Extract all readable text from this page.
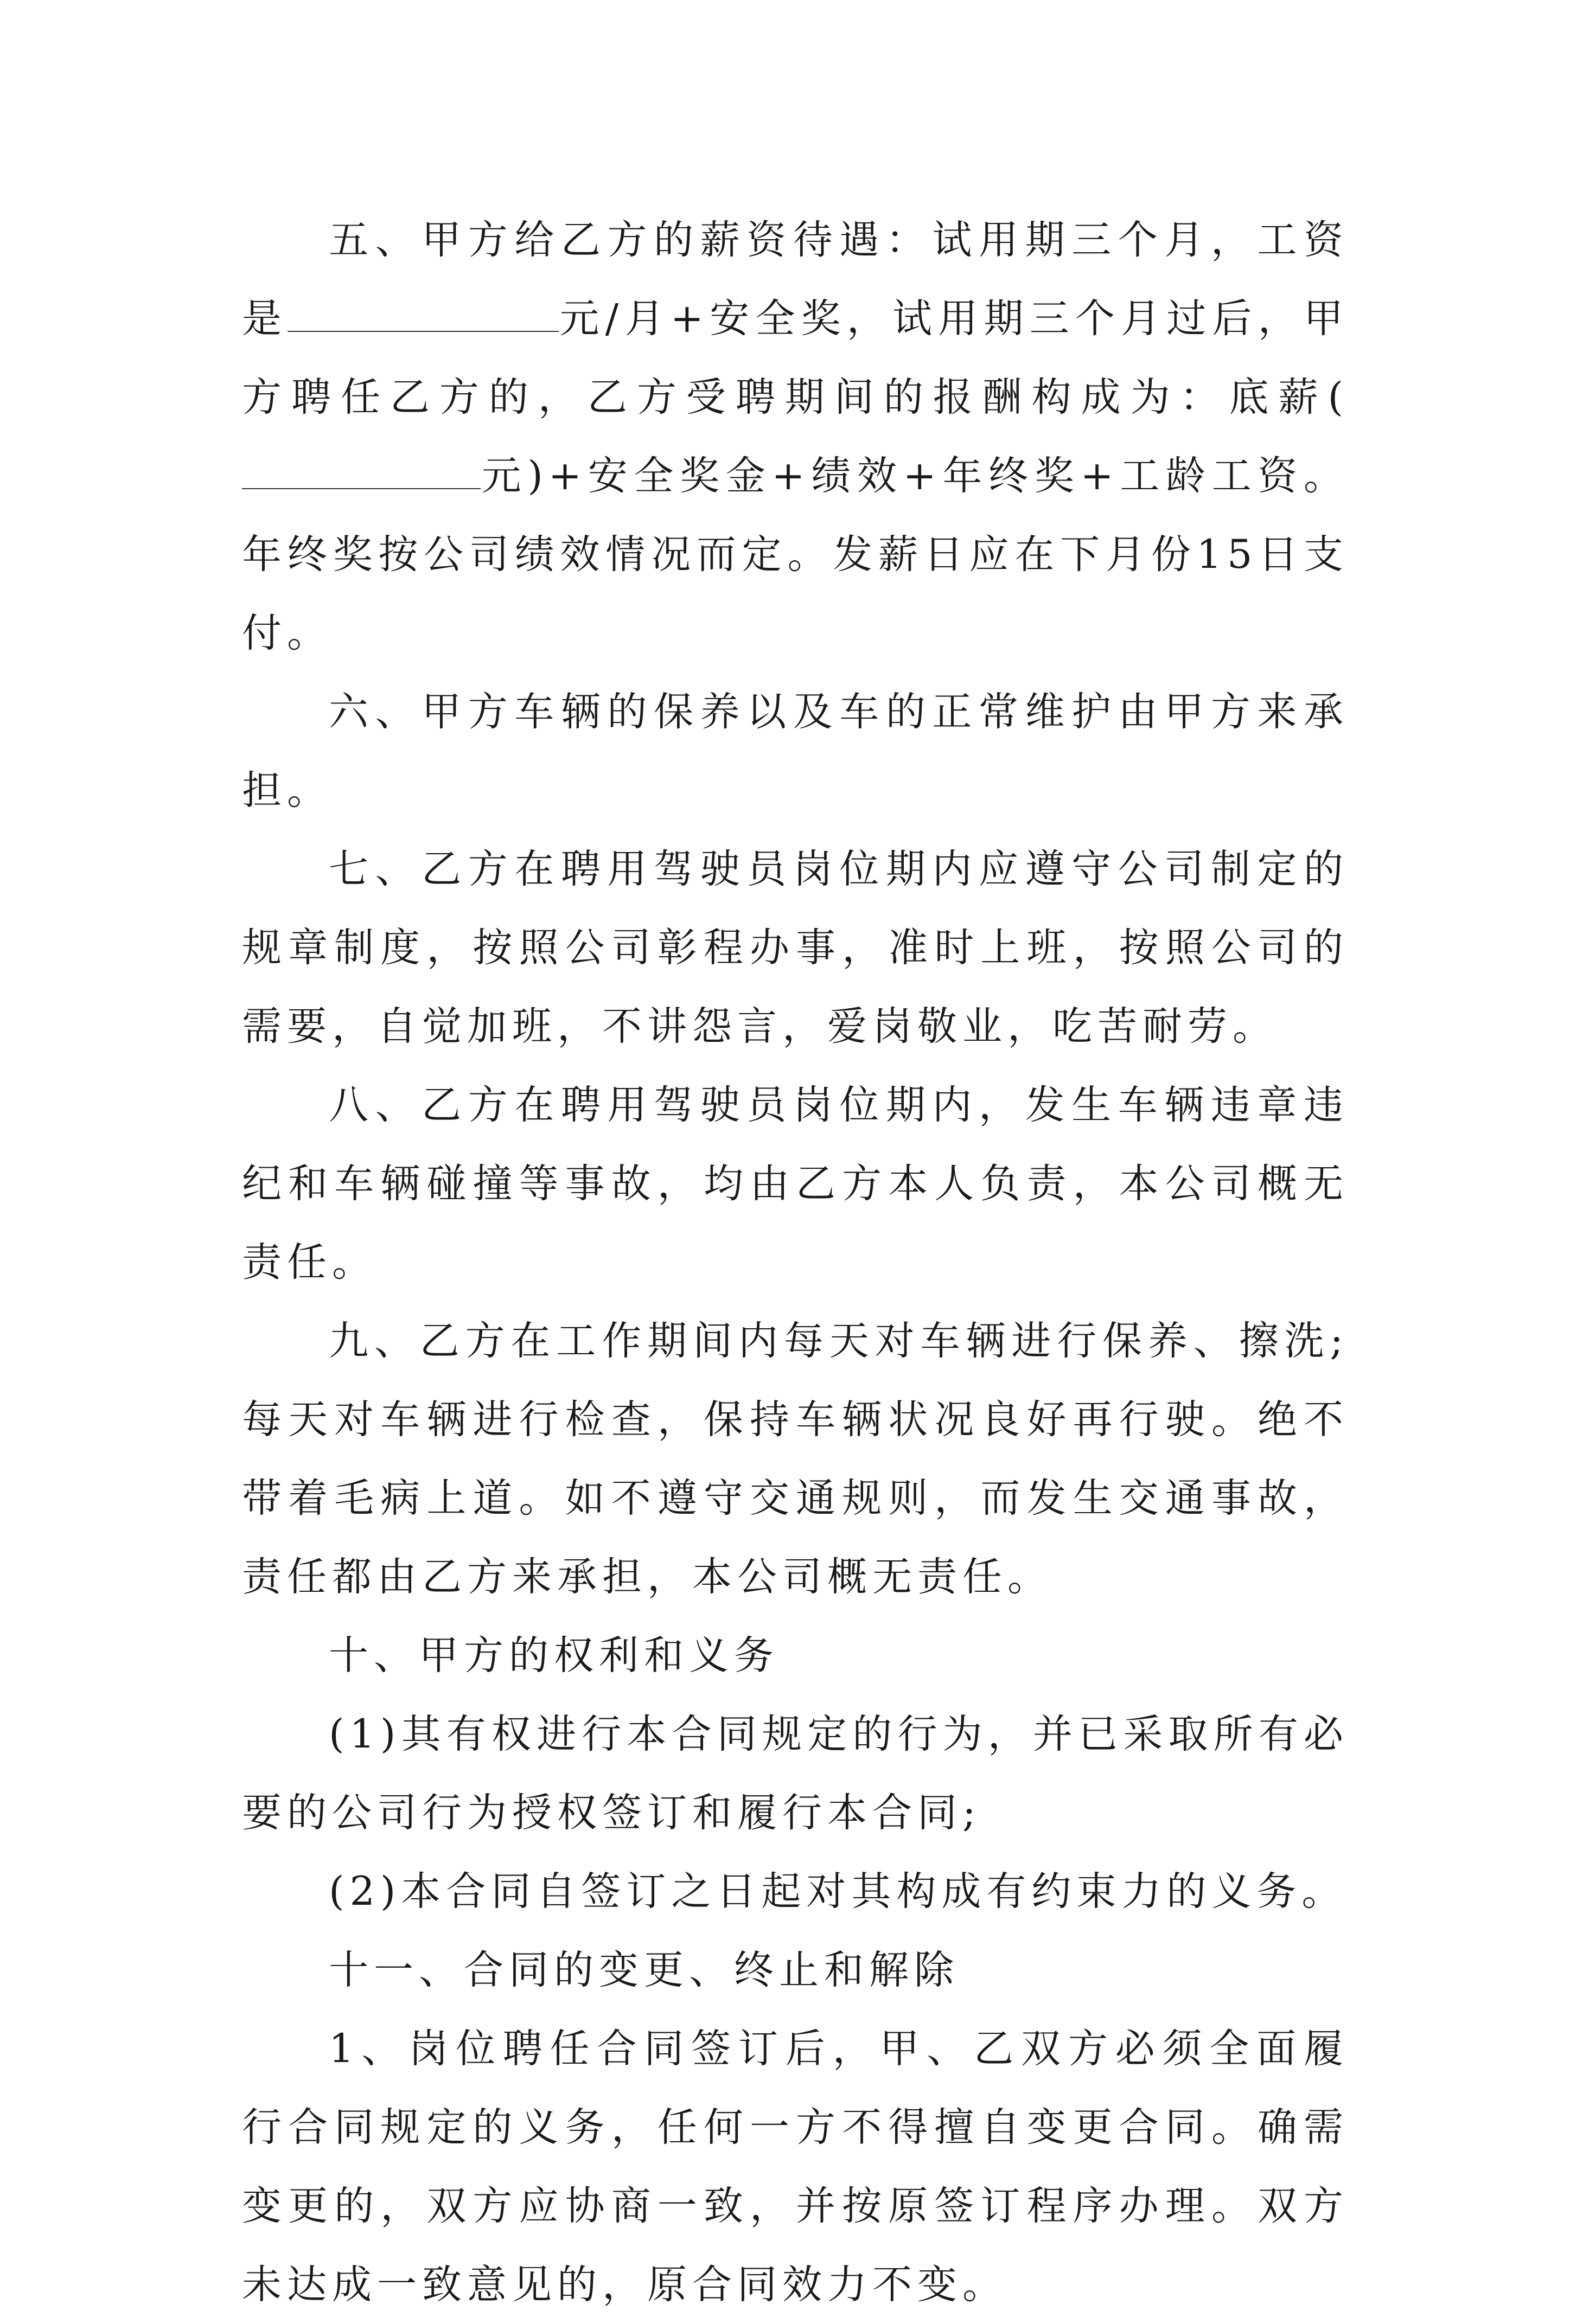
五、甲方给乙方的薪资待遇：试用期三个月，工资是	元/月+安全奖，试用期三个月过后，甲方聘任乙方的，乙方受聘期间的报酬构成为：底薪(元)+安全奖金+绩效+年终奖+工龄工资。年终奖按公司绩效情况而定。发薪日应在下月份15日支付。

六、甲方车辆的保养以及车的正常维护由甲方来承担。

七、乙方在聘用驾驶员岗位期内应遵守公司制定的规章制度，按照公司彰程办事，准时上班，按照公司的需要，自觉加班，不讲怨言，爱岗敬业，吃苦耐劳。

八、乙方在聘用驾驶员岗位期内，发生车辆违章违纪和车辆碰撞等事故，均由乙方本人负责，本公司概无责任。

九、乙方在工作期间内每天对车辆进行保养、擦洗;每天对车辆进行检查，保持车辆状况良好再行驶。绝不带着毛病上道。如不遵守交通规则，而发生交通事故，责任都由乙方来承担，本公司概无责任。

十、甲方的权利和义务

(1)其有权进行本合同规定的行为，并已采取所有必要的公司行为授权签订和履行本合同;

(2)本合同自签订之日起对其构成有约束力的义务。

十一、合同的变更、终止和解除

1、岗位聘任合同签订后，甲、乙双方必须全面履行合同规定的义务，任何一方不得擅自变更合同。确需变更的，双方应协商一致，并按原签订程序办理。双方未达成一致意见的，原合同效力不变。
